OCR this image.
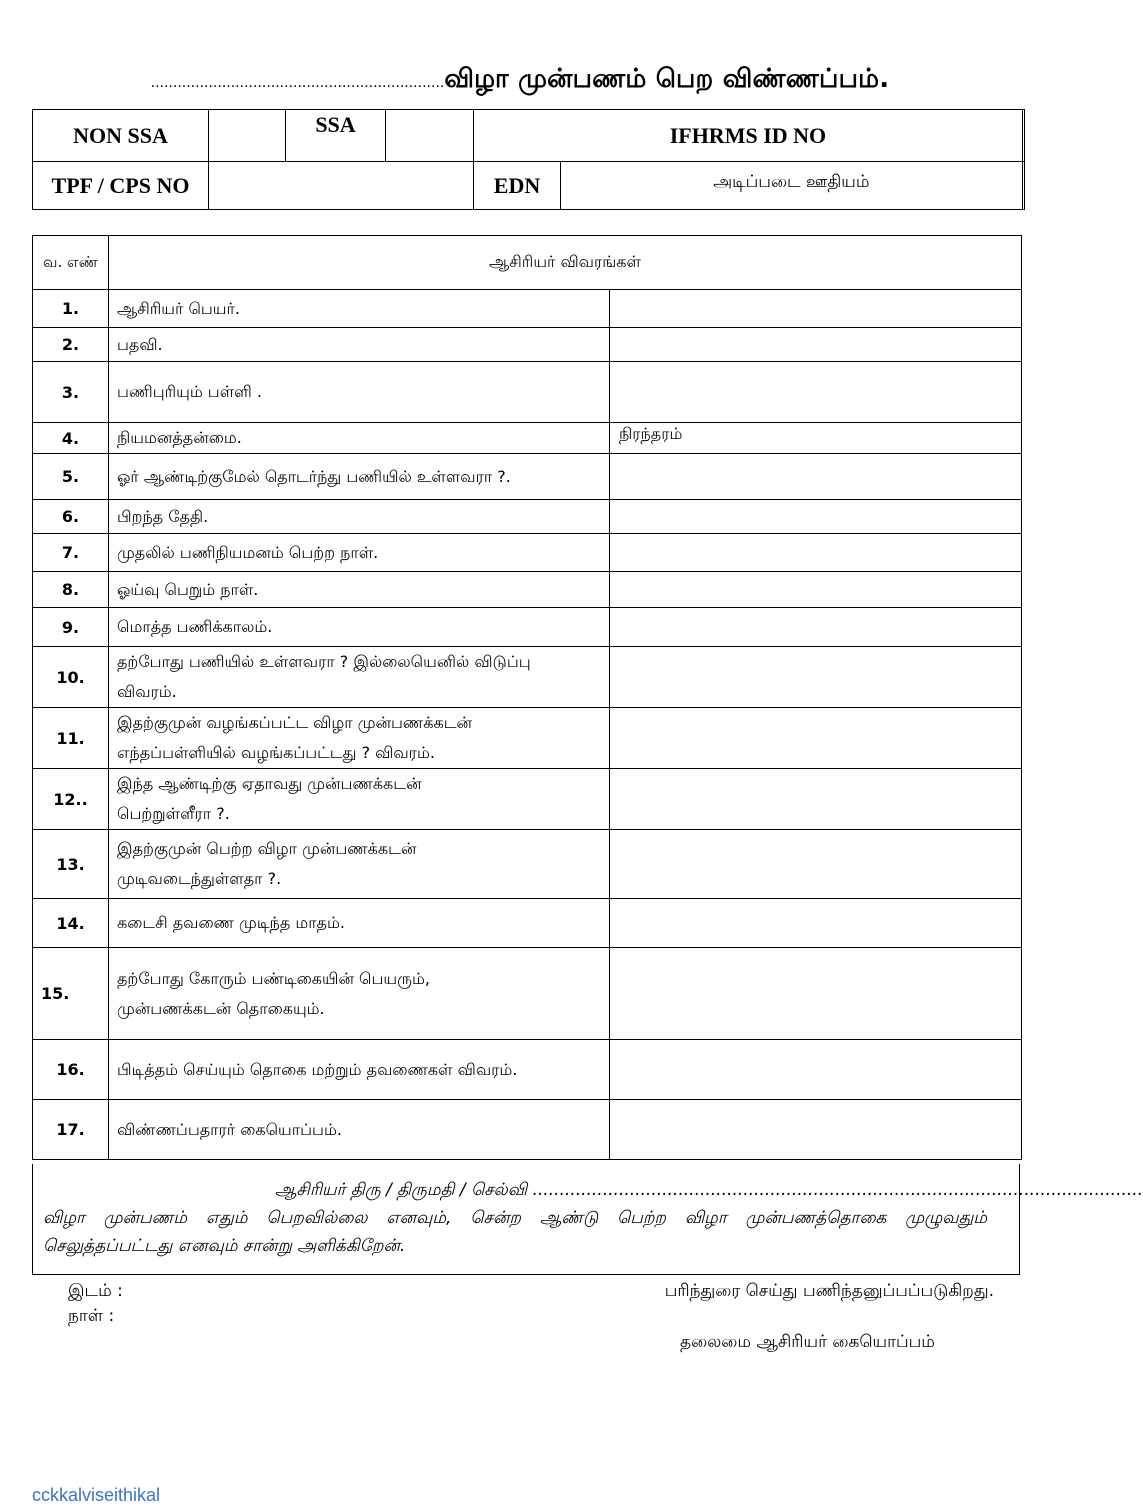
..................................................................விழா முன்பணம் பெற விண்ணப்பம்.
NON SSA		SSA		IFHRMS ID NO		
TPF / CPS NO				EDN	அடிப்படை ஊதியம்	
வ. எண்	ஆசிரியர் விவரங்கள்	
1.	ஆசிரியர் பெயர்.	
2.	பதவி.	
3.	பணிபுரியும் பள்ளி .	
4.	நியமனத்தன்மை.	நிரந்தரம்
5.	ஓர் ஆண்டிற்குமேல் தொடர்ந்து பணியில் உள்ளவரா ?.	
6.	பிறந்த தேதி.	
7.	முதலில் பணிநியமனம் பெற்ற நாள்.	
8.	ஓய்வு பெறும் நாள்.	
9.	மொத்த பணிக்காலம்.	
10.	தற்போது பணியில் உள்ளவரா ? இல்லையெனில் விடுப்பு
விவரம்.	

11.	இதற்குமுன் வழங்கப்பட்ட விழா முன்பணக்கடன்
எந்தப்பள்ளியில் வழங்கப்பட்டது ? விவரம்.	

12..	இந்த ஆண்டிற்கு ஏதாவது முன்பணக்கடன்
பெற்றுள்ளீரா ?.	

13.	இதற்குமுன் பெற்ற விழா முன்பணக்கடன்
முடிவடைந்துள்ளதா ?.	

14.	கடைசி தவணை முடிந்த மாதம்.	
15.	தற்போது கோரும் பண்டிகையின் பெயரும்,
முன்பணக்கடன் தொகையும்.	

16.	பிடித்தம் செய்யும் தொகை மற்றும் தவணைகள் விவரம்.	
17.	விண்ணப்பதாரர் கையொப்பம்.	
ஆசிரியர் திரு / திருமதி / செல்வி .................................................................................................................
விழா முன்பணம் எதும் பெறவில்லை எனவும், சென்ற ஆண்டு பெற்ற விழா முன்பணத்தொகை முழுவதும்
செலுத்தப்பட்டது எனவும் சான்று அளிக்கிறேன்.
இடம் :
நாள் :
பரிந்துரை செய்து பணிந்தனுப்பப்படுகிறது.
தலைமை ஆசிரியர் கையொப்பம்
cckkalviseithikal
